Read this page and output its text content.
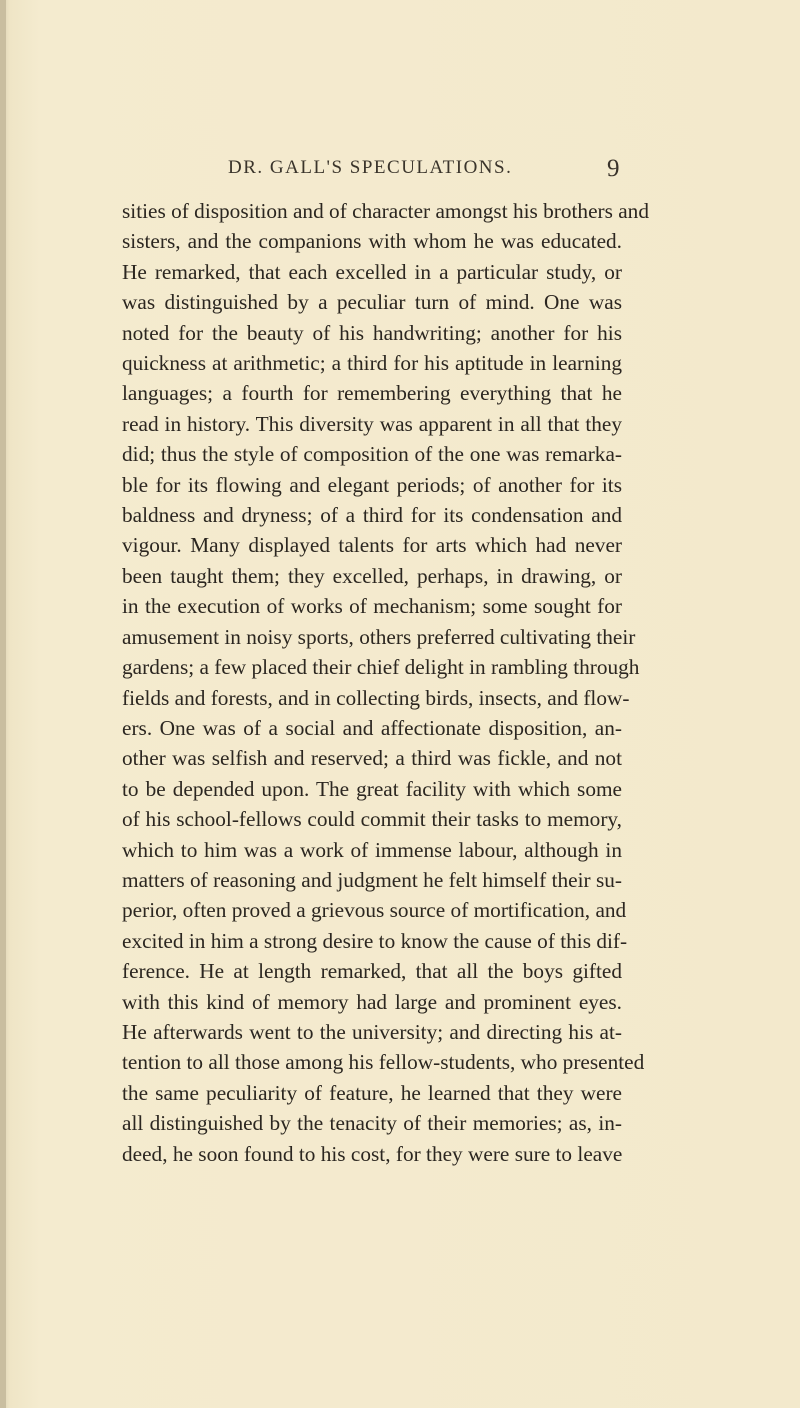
DR. GALL'S SPECULATIONS.	9
sities of disposition and of character amongst his brothers and
sisters, and the companions with whom he was educated.
He remarked, that each excelled in a particular study, or
was distinguished by a peculiar turn of mind. One was
noted for the beauty of his handwriting; another for his
quickness at arithmetic; a third for his aptitude in learning
languages; a fourth for remembering everything that he
read in history. This diversity was apparent in all that they
did; thus the style of composition of the one was remarka-
ble for its flowing and elegant periods; of another for its
baldness and dryness; of a third for its condensation and
vigour. Many displayed talents for arts which had never
been taught them; they excelled, perhaps, in drawing, or
in the execution of works of mechanism; some sought for
amusement in noisy sports, others preferred cultivating their
gardens; a few placed their chief delight in rambling through
fields and forests, and in collecting birds, insects, and flow-
ers. One was of a social and affectionate disposition, an-
other was selfish and reserved; a third was fickle, and not
to be depended upon. The great facility with which some
of his school-fellows could commit their tasks to memory,
which to him was a work of immense labour, although in
matters of reasoning and judgment he felt himself their su-
perior, often proved a grievous source of mortification, and
excited in him a strong desire to know the cause of this dif-
ference. He at length remarked, that all the boys gifted
with this kind of memory had large and prominent eyes.
He afterwards went to the university; and directing his at-
tention to all those among his fellow-students, who presented
the same peculiarity of feature, he learned that they were
all distinguished by the tenacity of their memories; as, in-
deed, he soon found to his cost, for they were sure to leave
